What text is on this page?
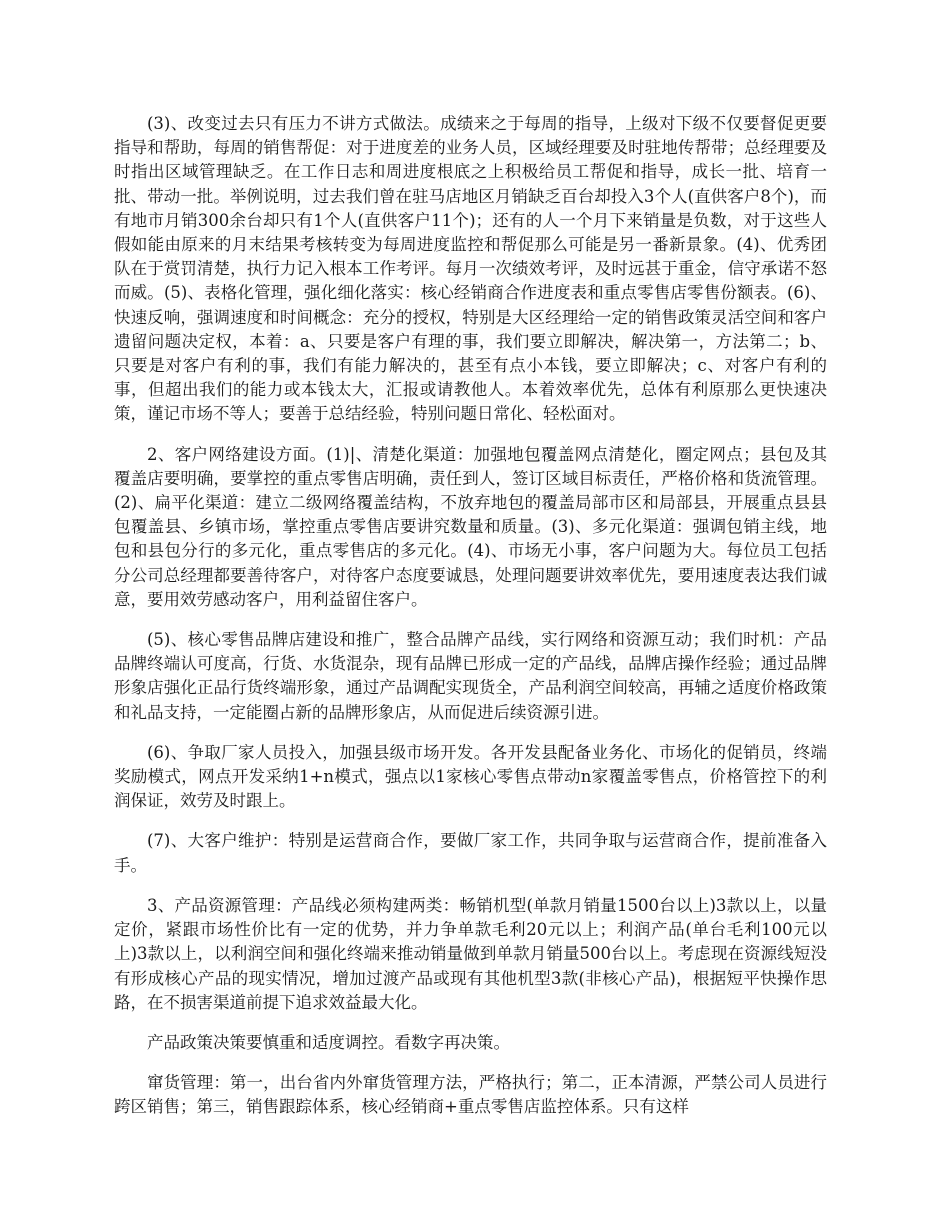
(3)、改变过去只有压力不讲方式做法。成绩来之于每周的指导，上级对下级不仅要督促更要指导和帮助，每周的销售帮促：对于进度差的业务人员，区域经理要及时驻地传帮带；总经理要及时指出区域管理缺乏。在工作日志和周进度根底之上积极给员工帮促和指导，成长一批、培育一批、带动一批。举例说明，过去我们曾在驻马店地区月销缺乏百台却投入3个人(直供客户8个)，而有地市月销300余台却只有1个人(直供客户11个)；还有的人一个月下来销量是负数，对于这些人假如能由原来的月末结果考核转变为每周进度监控和帮促那么可能是另一番新景象。(4)、优秀团队在于赏罚清楚，执行力记入根本工作考评。每月一次绩效考评，及时远甚于重金，信守承诺不怒而威。(5)、表格化管理，强化细化落实：核心经销商合作进度表和重点零售店零售份额表。(6)、快速反响，强调速度和时间概念：充分的授权，特别是大区经理给一定的销售政策灵活空间和客户遗留问题决定权，本着：a、只要是客户有理的事，我们要立即解决，解决第一，方法第二；b、只要是对客户有利的事，我们有能力解决的，甚至有点小本钱，要立即解决；c、对客户有利的事，但超出我们的能力或本钱太大，汇报或请教他人。本着效率优先，总体有利原那么更快速决策，谨记市场不等人；要善于总结经验，特别问题日常化、轻松面对。

2、客户网络建设方面。(1)|、清楚化渠道：加强地包覆盖网点清楚化，圈定网点；县包及其覆盖店要明确，要掌控的重点零售店明确，责任到人，签订区域目标责任，严格价格和货流管理。(2)、扁平化渠道：建立二级网络覆盖结构，不放弃地包的覆盖局部市区和局部县，开展重点县县包覆盖县、乡镇市场，掌控重点零售店要讲究数量和质量。(3)、多元化渠道：强调包销主线，地包和县包分行的多元化，重点零售店的多元化。(4)、市场无小事，客户问题为大。每位员工包括分公司总经理都要善待客户，对待客户态度要诚恳，处理问题要讲效率优先，要用速度表达我们诚意，要用效劳感动客户，用利益留住客户。

(5)、核心零售品牌店建设和推广，整合品牌产品线，实行网络和资源互动；我们时机：产品品牌终端认可度高，行货、水货混杂，现有品牌已形成一定的产品线，品牌店操作经验；通过品牌形象店强化正品行货终端形象，通过产品调配实现货全，产品利润空间较高，再辅之适度价格政策和礼品支持，一定能圈占新的品牌形象店，从而促进后续资源引进。

(6)、争取厂家人员投入，加强县级市场开发。各开发县配备业务化、市场化的促销员，终端奖励模式，网点开发采纳1+n模式，强点以1家核心零售点带动n家覆盖零售点，价格管控下的利润保证，效劳及时跟上。

(7)、大客户维护：特别是运营商合作，要做厂家工作，共同争取与运营商合作，提前准备入手。

3、产品资源管理：产品线必须构建两类：畅销机型(单款月销量1500台以上)3款以上，以量定价，紧跟市场性价比有一定的优势，并力争单款毛利20元以上；利润产品(单台毛利100元以上)3款以上，以利润空间和强化终端来推动销量做到单款月销量500台以上。考虑现在资源线短没有形成核心产品的现实情况，增加过渡产品或现有其他机型3款(非核心产品)，根据短平快操作思路，在不损害渠道前提下追求效益最大化。

产品政策决策要慎重和适度调控。看数字再决策。

窜货管理：第一，出台省内外窜货管理方法，严格执行；第二，正本清源，严禁公司人员进行跨区销售；第三，销售跟踪体系，核心经销商+重点零售店监控体系。只有这样
